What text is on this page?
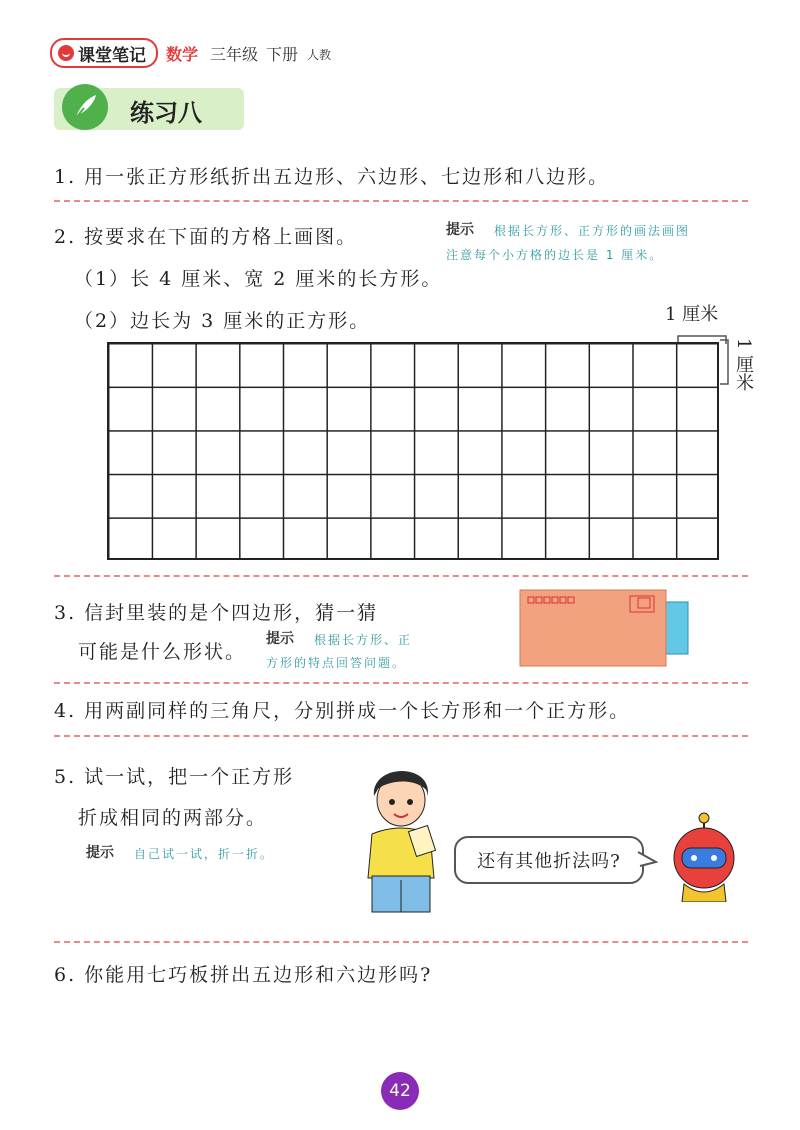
课堂笔记 数学 三年级 下册 人教
练习八
1. 用一张正方形纸折出五边形、六边形、七边形和八边形。
2. 按要求在下面的方格上画图。	提示 根据长方形、正方形的画法画图
注意每个小方格的边长是 1 厘米。
（1）长 4 厘米、宽 2 厘米的长方形。
（2）边长为 3 厘米的正方形。	1 厘米
1 厘米
3. 信封里装的是个四边形，猜一猜
可能是什么形状。
提示 根据长方形、正
方形的特点回答问题。
4. 用两副同样的三角尺，分别拼成一个长方形和一个正方形。
5. 试一试，把一个正方形
折成相同的两部分。
提示 自己试一试，折一折。	还有其他折法吗?
6. 你能用七巧板拼出五边形和六边形吗?
42
